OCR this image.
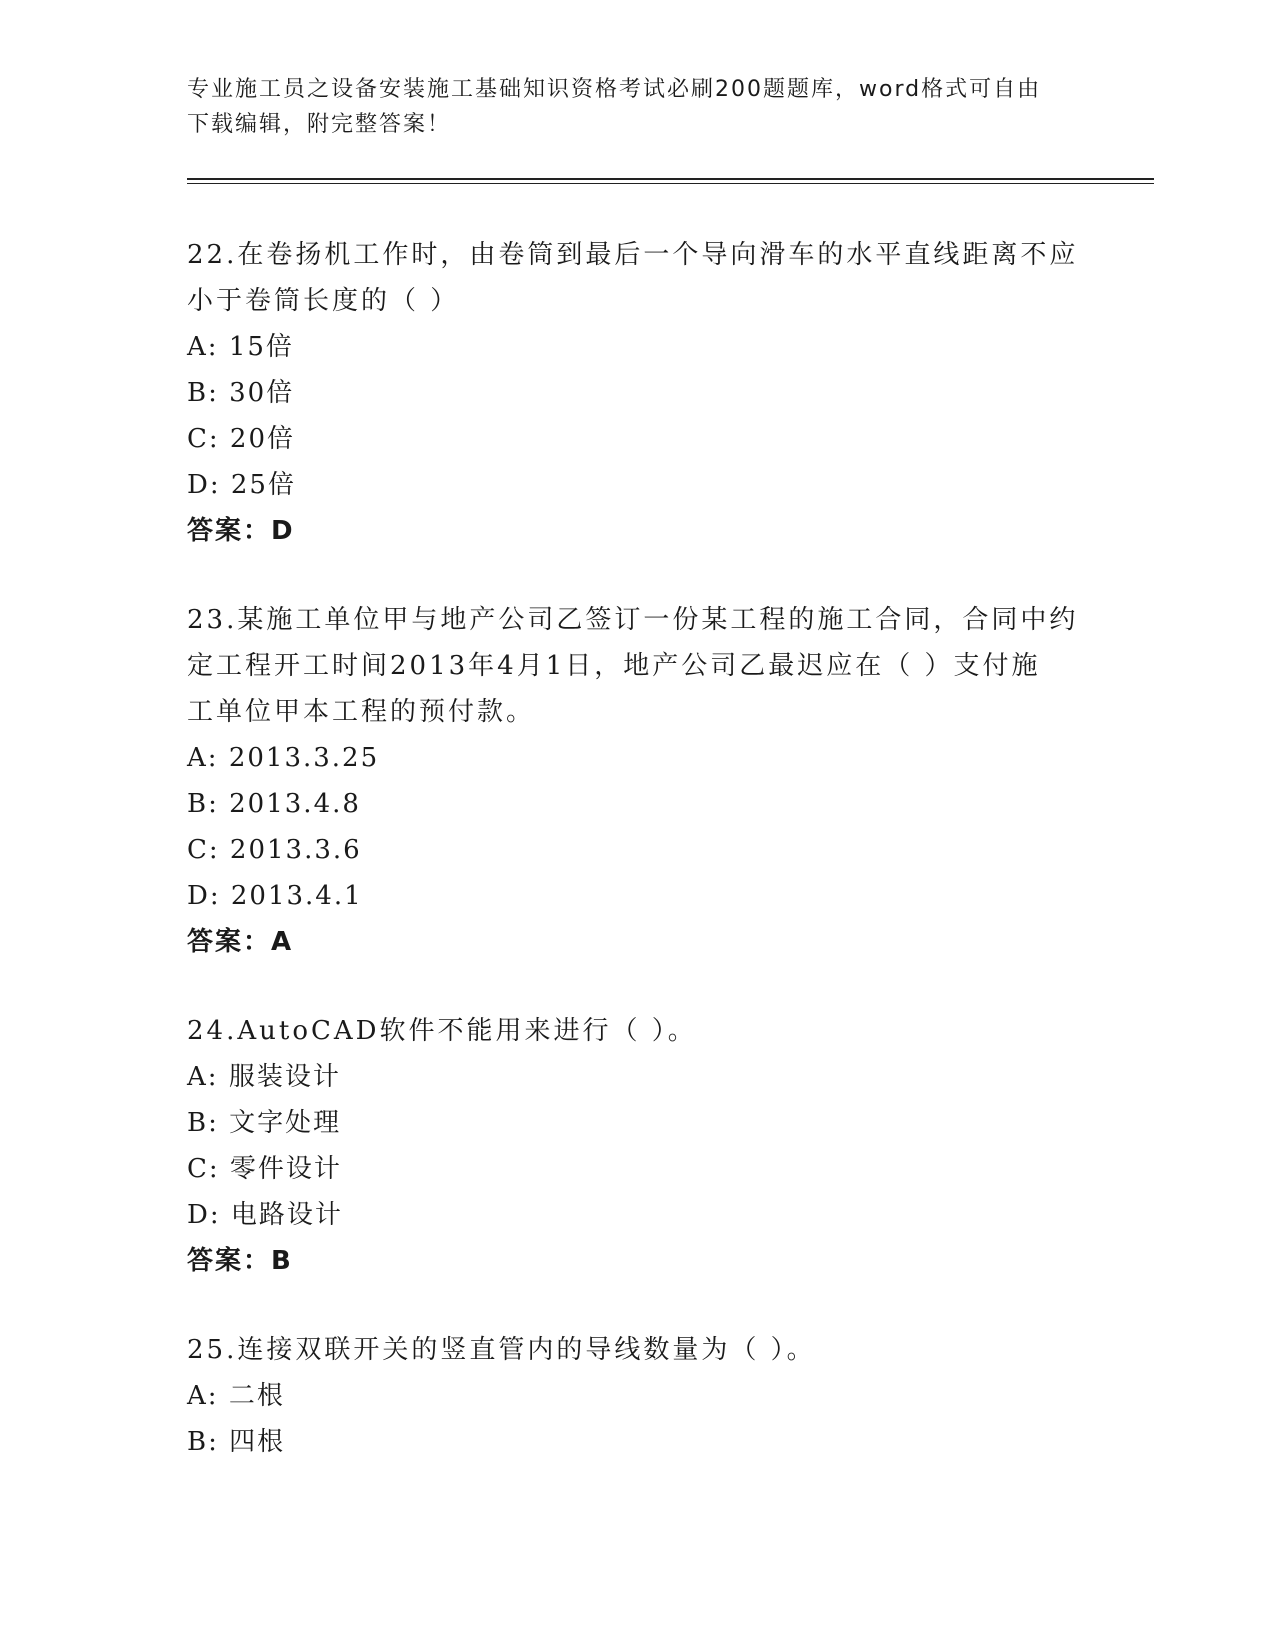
专业施工员之设备安装施工基础知识资格考试必刷200题题库，word格式可自由
下载编辑，附完整答案！
22.在卷扬机工作时，由卷筒到最后一个导向滑车的水平直线距离不应
小于卷筒长度的（ ）
A: 15倍
B: 30倍
C: 20倍
D: 25倍
答案：D
23.某施工单位甲与地产公司乙签订一份某工程的施工合同，合同中约
定工程开工时间2013年4月1日，地产公司乙最迟应在（ ）支付施
工单位甲本工程的预付款。
A: 2013.3.25
B: 2013.4.8
C: 2013.3.6
D: 2013.4.1
答案：A
24.AutoCAD软件不能用来进行（ ）。
A: 服装设计
B: 文字处理
C: 零件设计
D: 电路设计
答案：B
25.连接双联开关的竖直管内的导线数量为（ ）。
A: 二根
B: 四根
